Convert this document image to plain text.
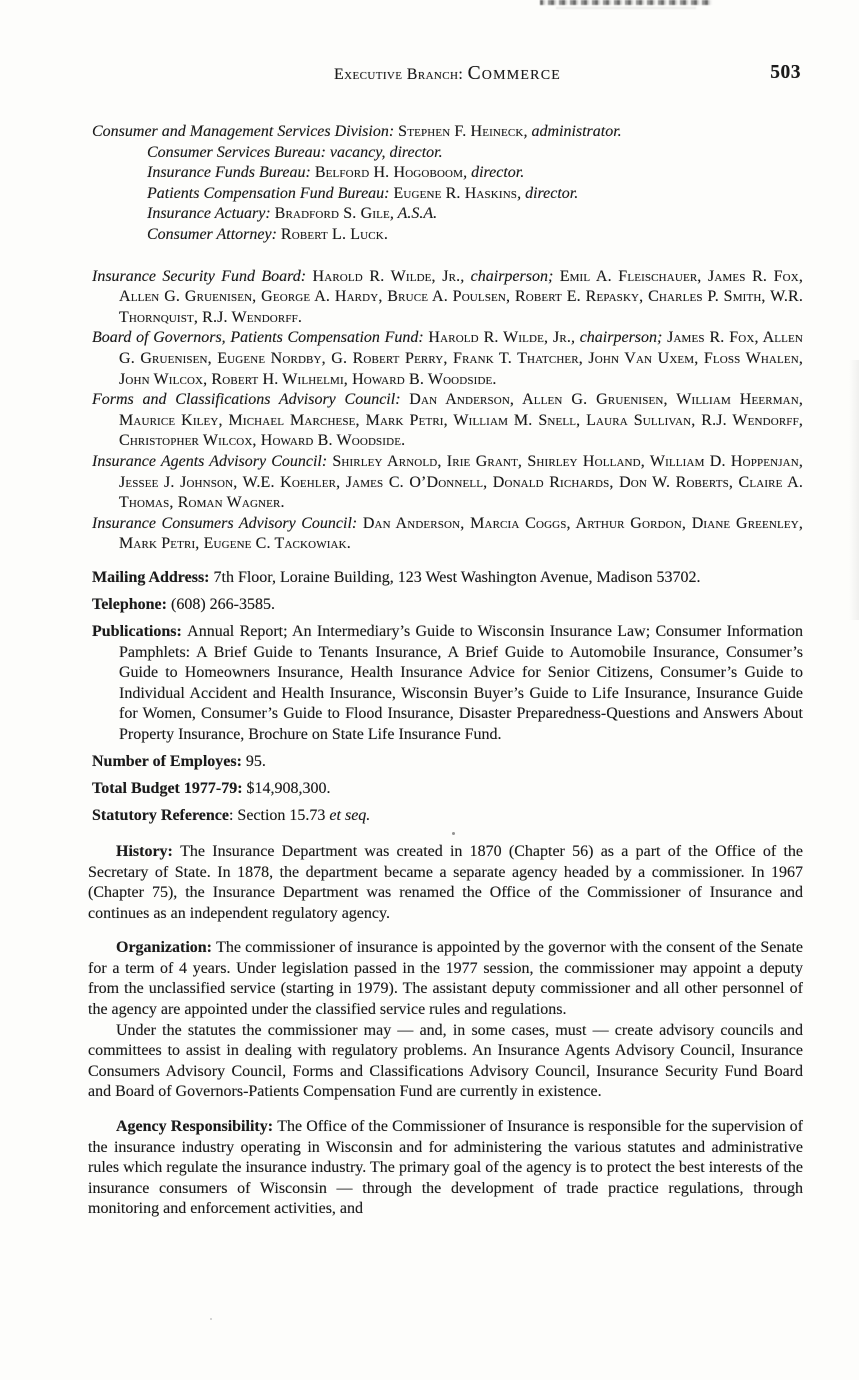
Executive Branch: Commerce	503

Consumer and Management Services Division: Stephen F. Heineck, administrator.

Consumer Services Bureau: vacancy, director.

Insurance Funds Bureau: Belford H. Hogoboom, director.

Patients Compensation Fund Bureau: Eugene R. Haskins, director.

Insurance Actuary: Bradford S. Gile, A.S.A.

Consumer Attorney: Robert L. Luck.

Insurance Security Fund Board: Harold R. Wilde, Jr., chairperson; Emil A. Fleischauer, James R. Fox, Allen G. Gruenisen, George A. Hardy, Bruce A. Poulsen, Robert E. Repasky, Charles P. Smith, W.R. Thornquist, R.J. Wendorff.

Board of Governors, Patients Compensation Fund: Harold R. Wilde, Jr., chairperson; James R. Fox, Allen G. Gruenisen, Eugene Nordby, G. Robert Perry, Frank T. Thatcher, John Van Uxem, Floss Whalen, John Wilcox, Robert H. Wilhelmi, Howard B. Woodside.

Forms and Classifications Advisory Council: Dan Anderson, Allen G. Gruenisen, William Heerman, Maurice Kiley, Michael Marchese, Mark Petri, William M. Snell, Laura Sullivan, R.J. Wendorff, Christopher Wilcox, Howard B. Woodside.

Insurance Agents Advisory Council: Shirley Arnold, Irie Grant, Shirley Holland, William D. Hoppenjan, Jessee J. Johnson, W.E. Koehler, James C. O’Donnell, Donald Richards, Don W. Roberts, Claire A. Thomas, Roman Wagner.

Insurance Consumers Advisory Council: Dan Anderson, Marcia Coggs, Arthur Gordon, Diane Greenley, Mark Petri, Eugene C. Tackowiak.

Mailing Address: 7th Floor, Loraine Building, 123 West Washington Avenue, Madison 53702.

Telephone: (608) 266-3585.

Publications: Annual Report; An Intermediary’s Guide to Wisconsin Insurance Law; Consumer Information Pamphlets: A Brief Guide to Tenants Insurance, A Brief Guide to Automobile Insurance, Consumer’s Guide to Homeowners Insurance, Health Insurance Advice for Senior Citizens, Consumer’s Guide to Individual Accident and Health Insurance, Wisconsin Buyer’s Guide to Life Insurance, Insurance Guide for Women, Consumer’s Guide to Flood Insurance, Disaster Preparedness-Questions and Answers About Property Insurance, Brochure on State Life Insurance Fund.

Number of Employes: 95.

Total Budget 1977-79: $14,908,300.

Statutory Reference: Section 15.73 et seq.

History: The Insurance Department was created in 1870 (Chapter 56) as a part of the Office of the Secretary of State. In 1878, the department became a separate agency headed by a commissioner. In 1967 (Chapter 75), the Insurance Department was renamed the Office of the Commissioner of Insurance and continues as an independent regulatory agency.

Organization: The commissioner of insurance is appointed by the governor with the consent of the Senate for a term of 4 years. Under legislation passed in the 1977 session, the commissioner may appoint a deputy from the unclassified service (starting in 1979). The assistant deputy commissioner and all other personnel of the agency are appointed under the classified service rules and regulations.

Under the statutes the commissioner may — and, in some cases, must — create advisory councils and committees to assist in dealing with regulatory problems. An Insurance Agents Advisory Council, Insurance Consumers Advisory Council, Forms and Classifications Advisory Council, Insurance Security Fund Board and Board of Governors-Patients Compensation Fund are currently in existence.

Agency Responsibility: The Office of the Commissioner of Insurance is responsible for the supervision of the insurance industry operating in Wisconsin and for administering the various statutes and administrative rules which regulate the insurance industry. The primary goal of the agency is to protect the best interests of the insurance consumers of Wisconsin — through the development of trade practice regulations, through monitoring and enforcement activities, and
